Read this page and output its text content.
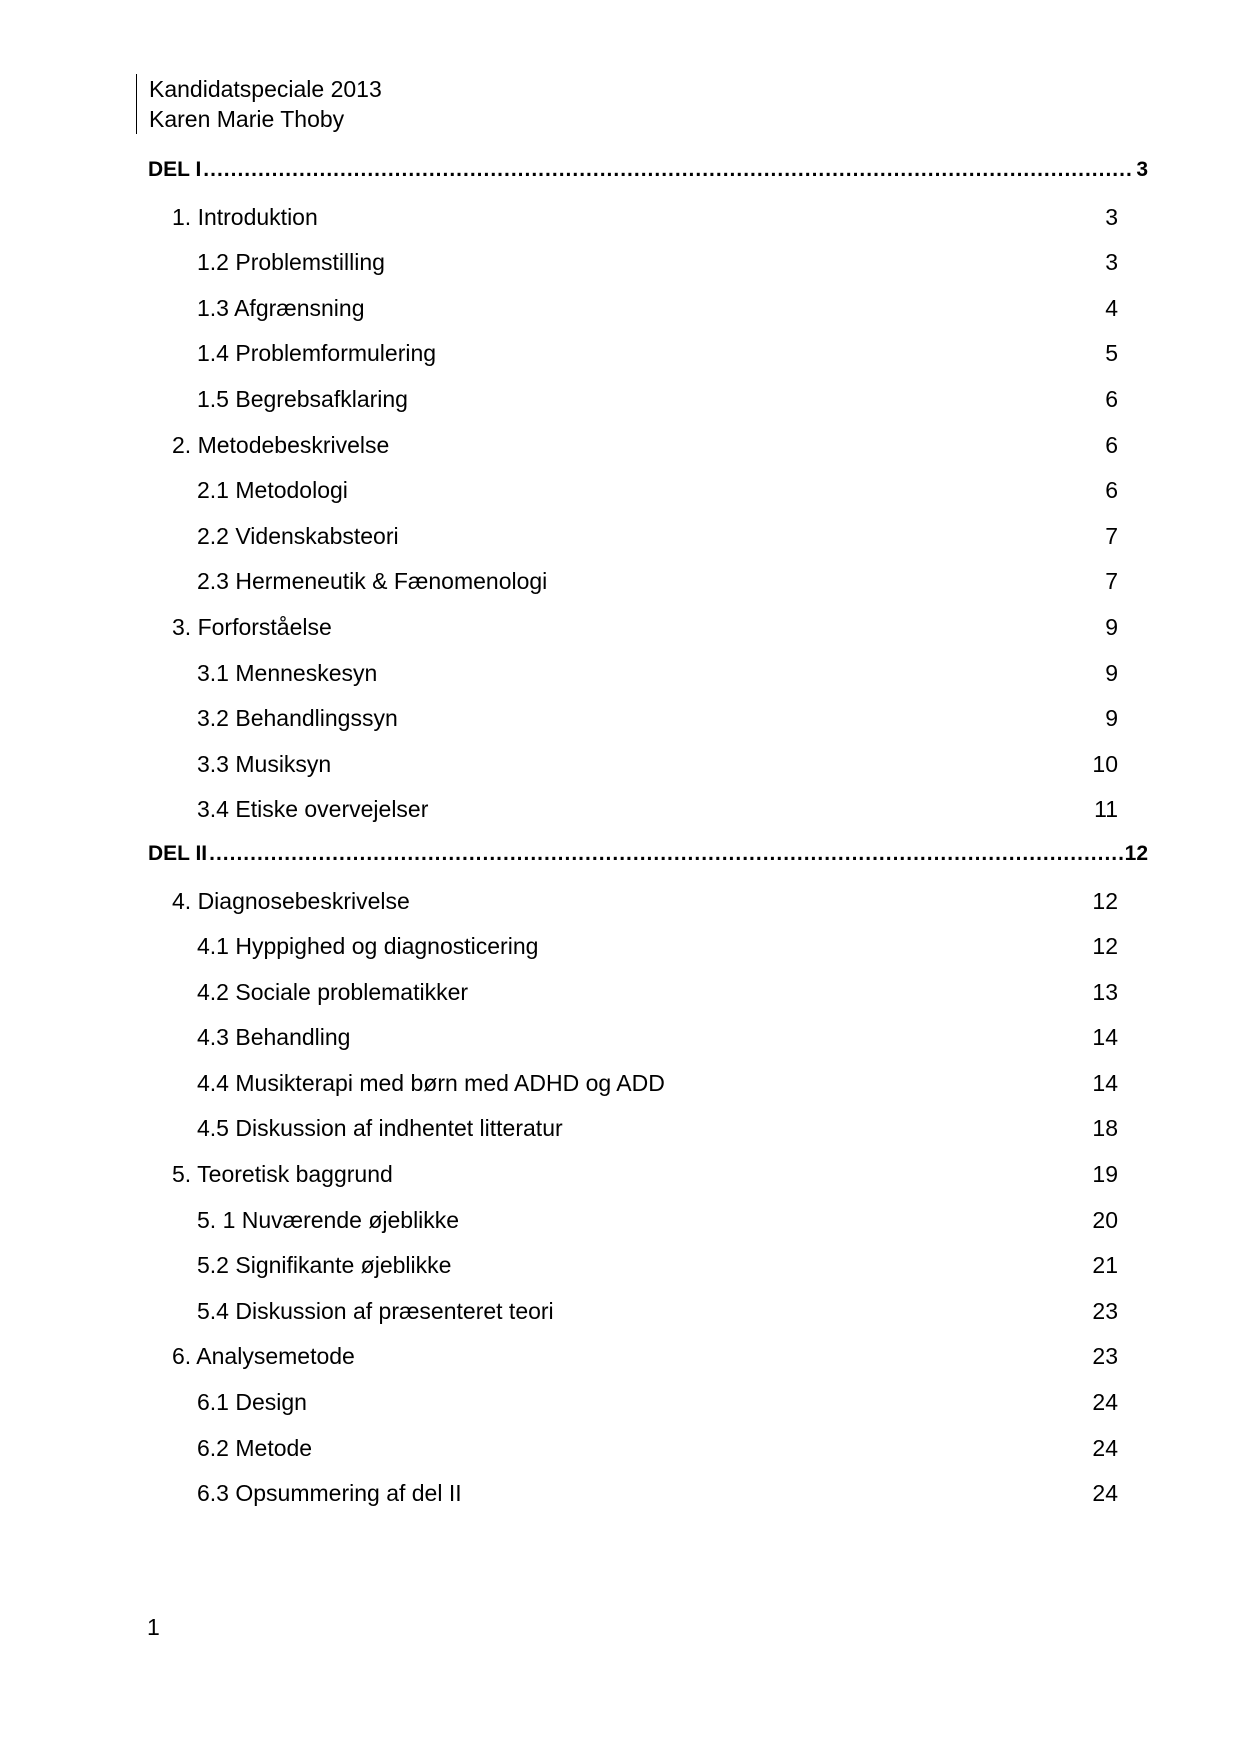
Kandidatspeciale 2013
Karen Marie Thoby
DEL I .....	3
1. Introduktion	3
1.2 Problemstilling	3
1.3 Afgrænsning	4
1.4 Problemformulering	5
1.5 Begrebsafklaring	6
2. Metodebeskrivelse	6
2.1 Metodologi	6
2.2 Videnskabsteori	7
2.3 Hermeneutik & Fænomenologi	7
3. Forforståelse	9
3.1 Menneskesyn	9
3.2 Behandlingssyn	9
3.3 Musiksyn	10
3.4 Etiske overvejelser	11
DEL II .....	12
4. Diagnosebeskrivelse	12
4.1 Hyppighed og diagnosticering	12
4.2 Sociale problematikker	13
4.3 Behandling	14
4.4 Musikterapi med børn med ADHD og ADD	14
4.5 Diskussion af indhentet litteratur	18
5. Teoretisk baggrund	19
5. 1 Nuværende øjeblikke	20
5.2 Signifikante øjeblikke	21
5.4 Diskussion af præsenteret teori	23
6. Analysemetode	23
6.1 Design	24
6.2 Metode	24
6.3 Opsummering af del II	24
1
